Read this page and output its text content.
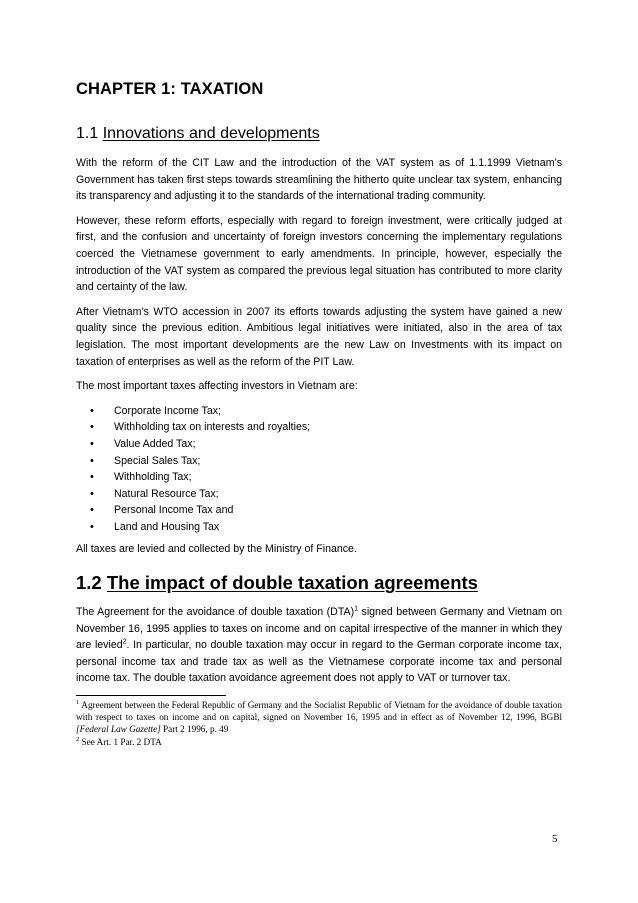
CHAPTER 1: TAXATION
1.1 Innovations and developments

With the reform of the CIT Law and the introduction of the VAT system as of 1.1.1999 Vietnam’s Government has taken first steps towards streamlining the hitherto quite unclear tax system, enhancing its transparency and adjusting it to the standards of the international trading community.

However, these reform efforts, especially with regard to foreign investment, were critically judged at first, and the confusion and uncertainty of foreign investors concerning the implementary regulations coerced the Vietnamese government to early amendments. In principle, however, especially the introduction of the VAT system as compared the previous legal situation has contributed to more clarity and certainty of the law.

After Vietnam’s WTO accession in 2007 its efforts towards adjusting the system have gained a new quality since the previous edition. Ambitious legal initiatives were initiated, also in the area of tax legislation. The most important developments are the new Law on Investments with its impact on taxation of enterprises as well as the reform of the PIT Law.

The most important taxes affecting investors in Vietnam are:

• Corporate Income Tax;
• Withholding tax on interests and royalties;
• Value Added Tax;
• Special Sales Tax;
• Withholding Tax;
• Natural Resource Tax;
• Personal Income Tax and
• Land and Housing Tax

All taxes are levied and collected by the Ministry of Finance.

1.2 The impact of double taxation agreements

The Agreement for the avoidance of double taxation (DTA)$^1$ signed between Germany and Vietnam on November 16, 1995 applies to taxes on income and on capital irrespective of the manner in which they are levied$^2$. In particular, no double taxation may occur in regard to the German corporate income tax, personal income tax and trade tax as well as the Vietnamese corporate income tax and personal income tax. The double taxation avoidance agreement does not apply to VAT or turnover tax.

$^1$ Agreement between the Federal Republic of Germany and the Socialist Republic of Vietnam for the avoidance of double taxation with respect to taxes on income and on capital, signed on November 16, 1995 and in effect as of November 12, 1996, BGBl [Federal Law Gazette] Part 2 1996, p. 49

$^2$ See Art. 1 Par. 2 DTA

5
